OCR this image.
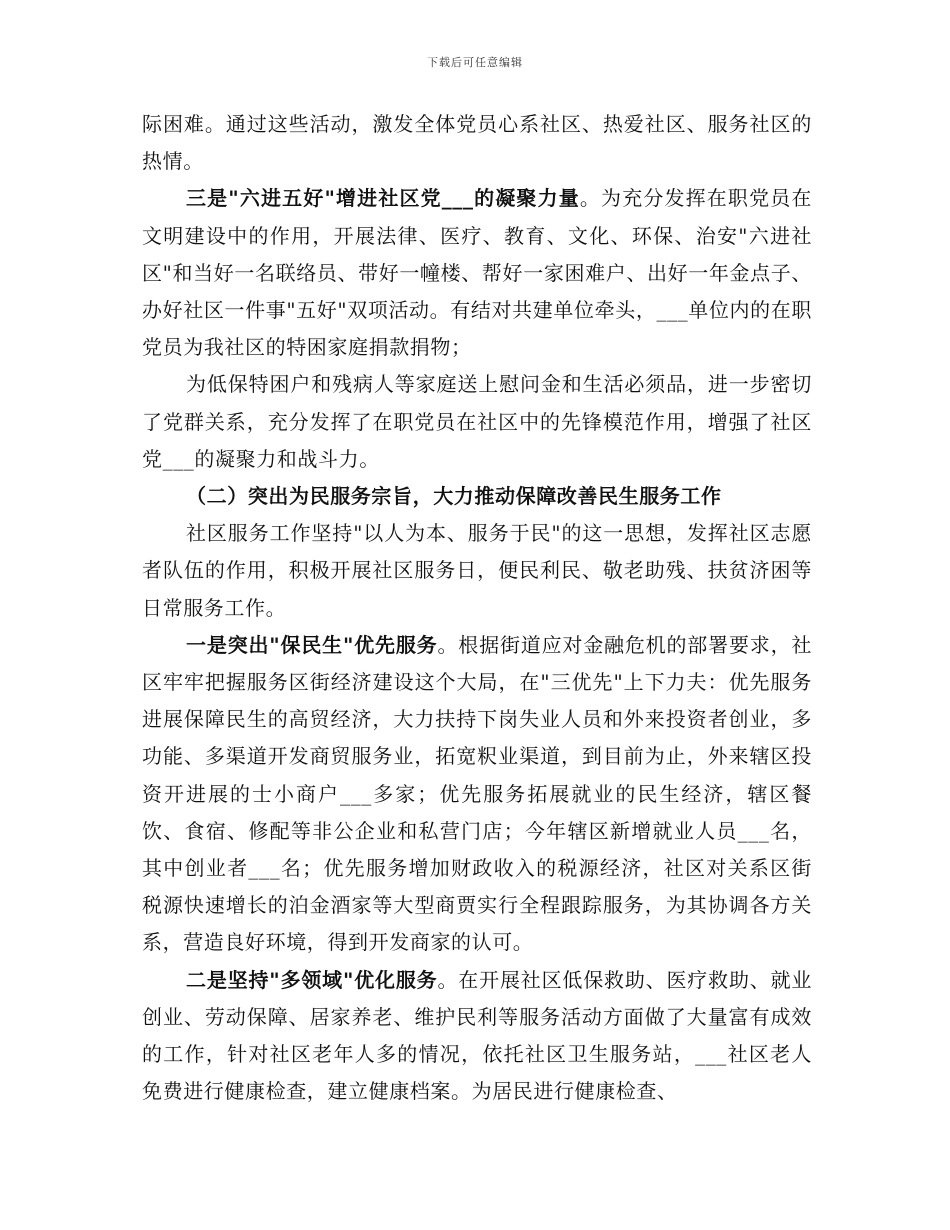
下载后可任意编辑

际困难。通过这些活动，激发全体党员心系社区、热爱社区、服务社区的热情。

三是"六进五好"增进社区党___的凝聚力量。为充分发挥在职党员在文明建设中的作用，开展法律、医疗、教育、文化、环保、治安"六进社区"和当好一名联络员、带好一幢楼、帮好一家困难户、出好一年金点子、办好社区一件事"五好"双项活动。有结对共建单位牵头，___单位内的在职党员为我社区的特困家庭捐款捐物；

为低保特困户和残病人等家庭送上慰问金和生活必须品，进一步密切了党群关系，充分发挥了在职党员在社区中的先锋模范作用，增强了社区党___的凝聚力和战斗力。

（二）突出为民服务宗旨，大力推动保障改善民生服务工作

社区服务工作坚持"以人为本、服务于民"的这一思想，发挥社区志愿者队伍的作用，积极开展社区服务日，便民利民、敬老助残、扶贫济困等日常服务工作。

一是突出"保民生"优先服务。根据街道应对金融危机的部署要求，社区牢牢把握服务区街经济建设这个大局，在"三优先"上下力夫：优先服务进展保障民生的高贸经济，大力扶持下岗失业人员和外来投资者创业，多功能、多渠道开发商贸服务业，拓宽粎业渠道，到目前为止，外来辖区投资开进展的士小商户___多家；优先服务拓展就业的民生经济，辖区餐饮、食宿、修配等非公企业和私营门店；今年辖区新增就业人员___名，其中创业者___名；优先服务增加财政收入的税源经济，社区对关系区街税源快速增长的泊金酒家等大型商贾实行全程跟踪服务，为其协调各方关系，营造良好环境，得到开发商家的认可。

二是坚持"多领域"优化服务。在开展社区低保救助、医疗救助、就业创业、劳动保障、居家养老、维护民利等服务活动方面做了大量富有成效的工作，针对社区老年人多的情况，依托社区卫生服务站，___社区老人免费进行健康检查，建立健康档案。为居民进行健康检查、
